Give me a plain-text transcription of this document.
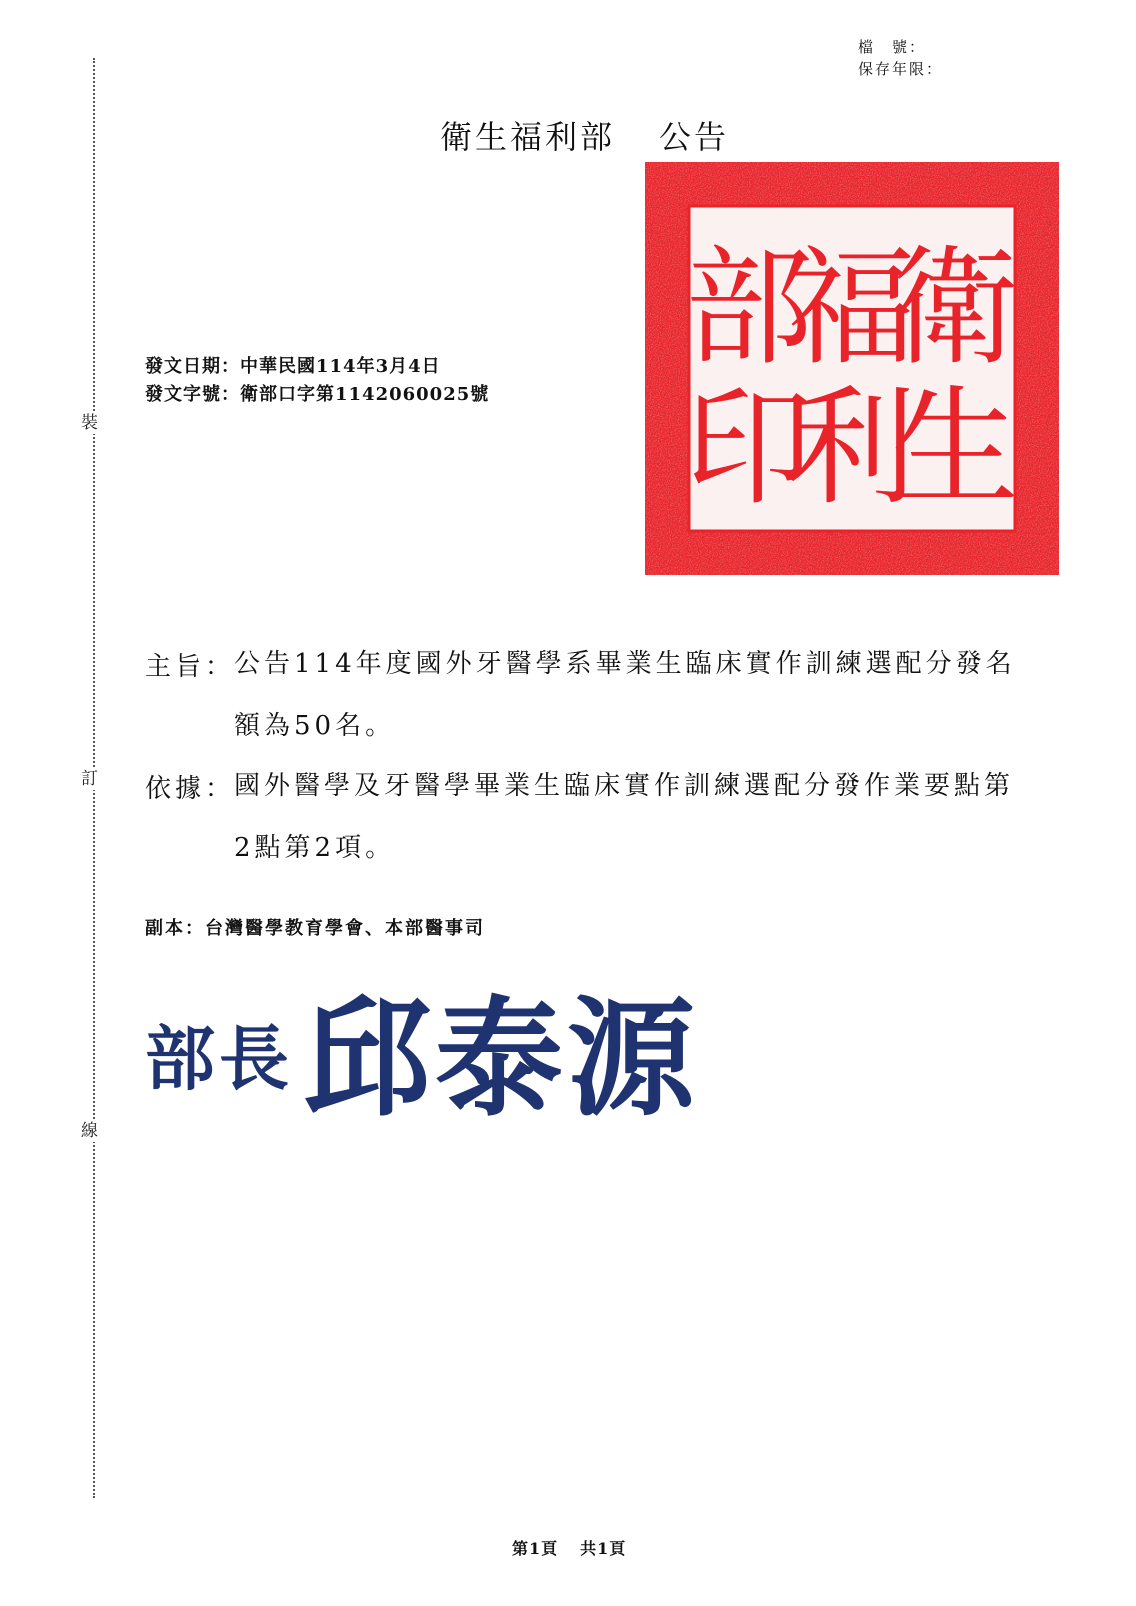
裝
訂
線
檔　號：
保存年限：
衛生福利部 公告
衛
生
福
利
部
印
發文日期：中華民國114年3月4日
發文字號：衛部口字第1142060025號
主旨：
公告114年度國外牙醫學系畢業生臨床實作訓練選配分發名
額為50名。
依據：
國外醫學及牙醫學畢業生臨床實作訓練選配分發作業要點第
2點第2項。
副本：台灣醫學教育學會、本部醫事司
部長 邱泰源
第1頁 共1頁
